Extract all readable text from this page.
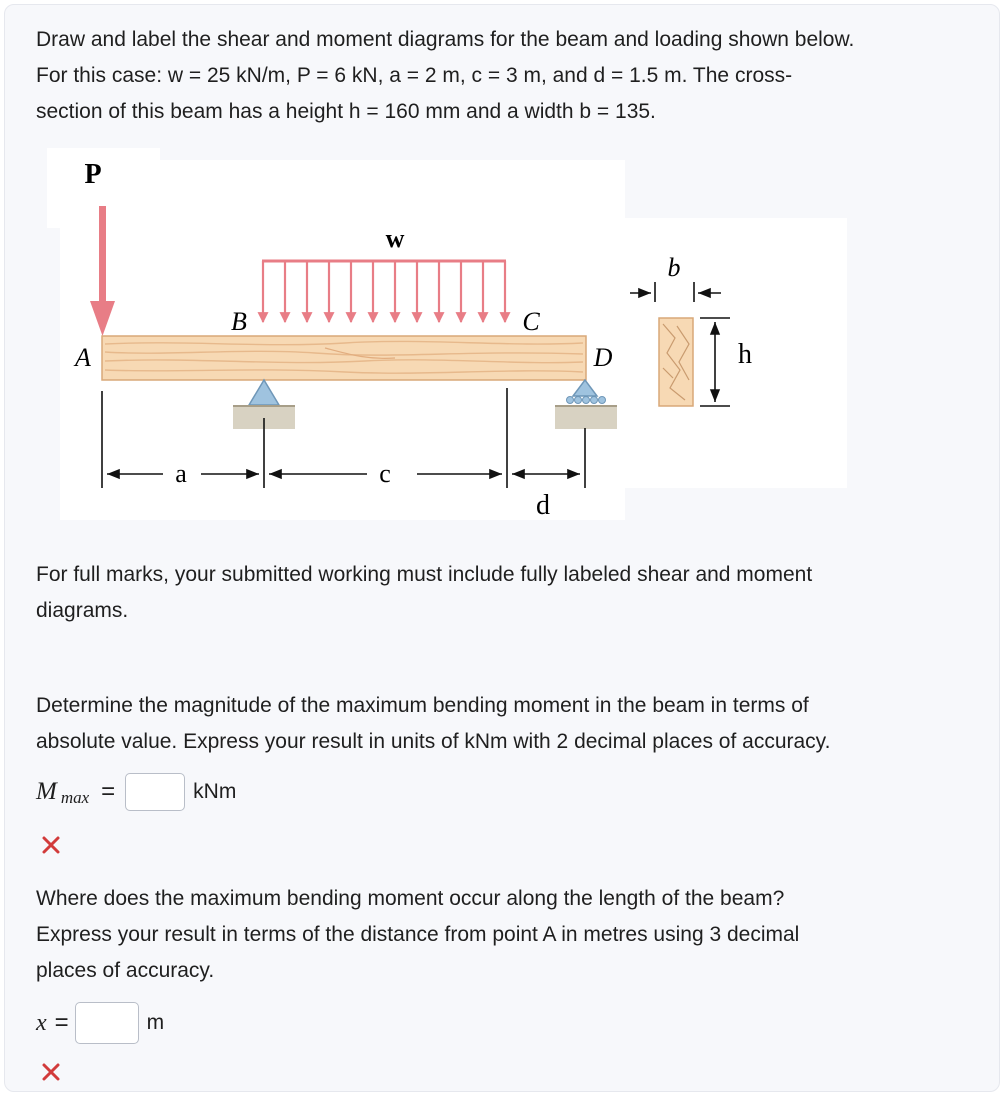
Draw and label the shear and moment diagrams for the beam and loading shown below.
For this case: w = 25 kN/m, P = 6 kN, a = 2 m, c = 3 m, and d = 1.5 m. The cross-
section of this beam has a height h = 160 mm and a width b = 135.
P
w
A
B	C
D
a	c
d
b
h
For full marks, your submitted working must include fully labeled shear and moment
diagrams.
Determine the magnitude of the maximum bending moment in the beam in terms of
absolute value. Express your result in units of kNm with 2 decimal places of accuracy.
M max =	kNm
Where does the maximum bending moment occur along the length of the beam?
Express your result in terms of the distance from point A in metres using 3 decimal
places of accuracy.
x =	m
